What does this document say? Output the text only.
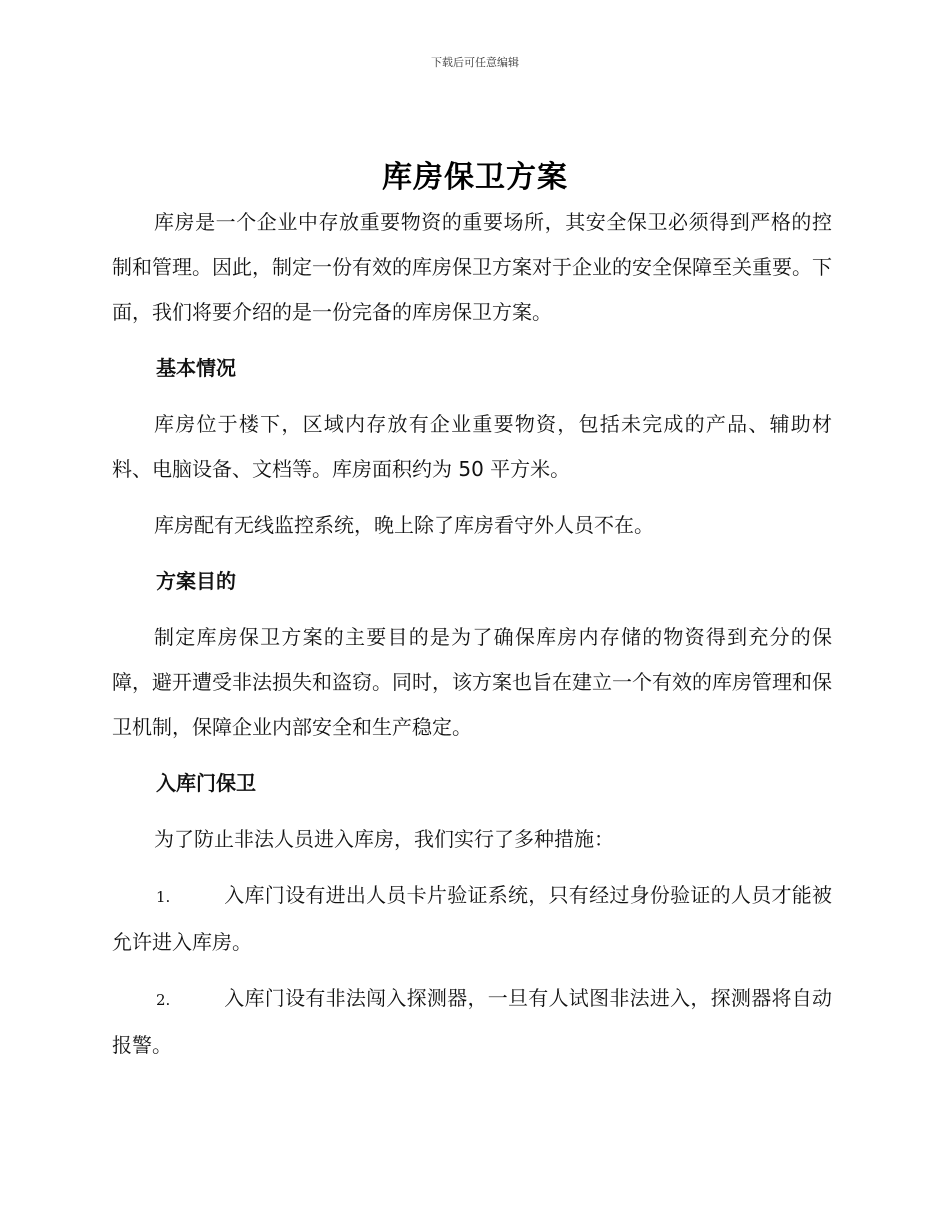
下载后可任意编辑
库房保卫方案

库房是一个企业中存放重要物资的重要场所，其安全保卫必须得到严格的控制和管理。因此，制定一份有效的库房保卫方案对于企业的安全保障至关重要。下面，我们将要介绍的是一份完备的库房保卫方案。

基本情况

库房位于楼下，区域内存放有企业重要物资，包括未完成的产品、辅助材料、电脑设备、文档等。库房面积约为 50 平方米。

库房配有无线监控系统，晚上除了库房看守外人员不在。

方案目的

制定库房保卫方案的主要目的是为了确保库房内存储的物资得到充分的保障，避开遭受非法损失和盗窃。同时，该方案也旨在建立一个有效的库房管理和保卫机制，保障企业内部安全和生产稳定。

入库门保卫

为了防止非法人员进入库房，我们实行了多种措施：

1.	入库门设有进出人员卡片验证系统，只有经过身份验证的人员才能被允许进入库房。
2.	入库门设有非法闯入探测器，一旦有人试图非法进入，探测器将自动报警。
